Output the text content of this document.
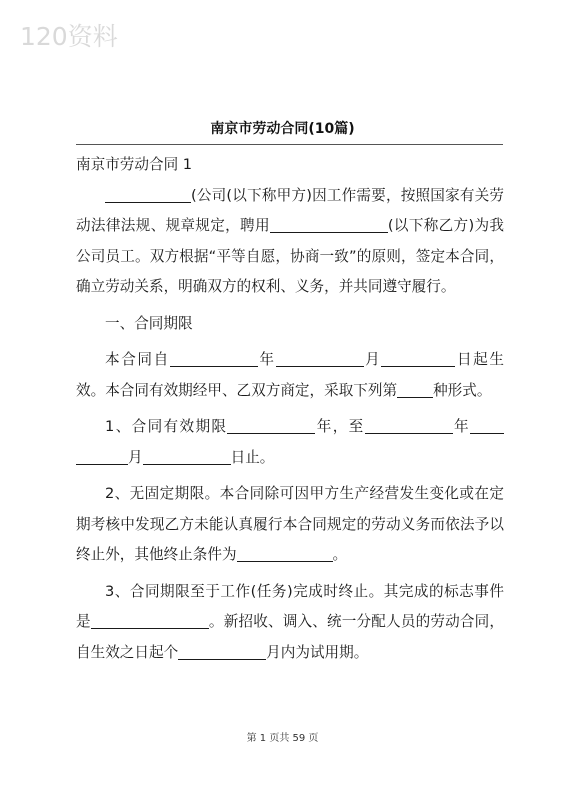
120资料
南京市劳动合同(10篇)

南京市劳动合同 1

(公司(以下称甲方)因工作需要，按照国家有关劳动法律法规、规章规定，聘用	(以下称乙方)为我公司员工。双方根据“平等自愿，协商一致”的原则，签定本合同，确立劳动关系，明确双方的权利、义务，并共同遵守履行。

一、合同期限

本合同自	年	月	日起生效。本合同有效期经甲、乙双方商定，采取下列第 种形式。

1、合同有效期限	年，至	年月	日止。

2、无固定期限。本合同除可因甲方生产经营发生变化或在定期考核中发现乙方未能认真履行本合同规定的劳动义务而依法予以终止外，其他终止条件为	。

3、合同期限至于工作(任务)完成时终止。其完成的标志事件是	。新招收、调入、统一分配人员的劳动合同，自生效之日起个	月内为试用期。

第 1 页共 59 页
